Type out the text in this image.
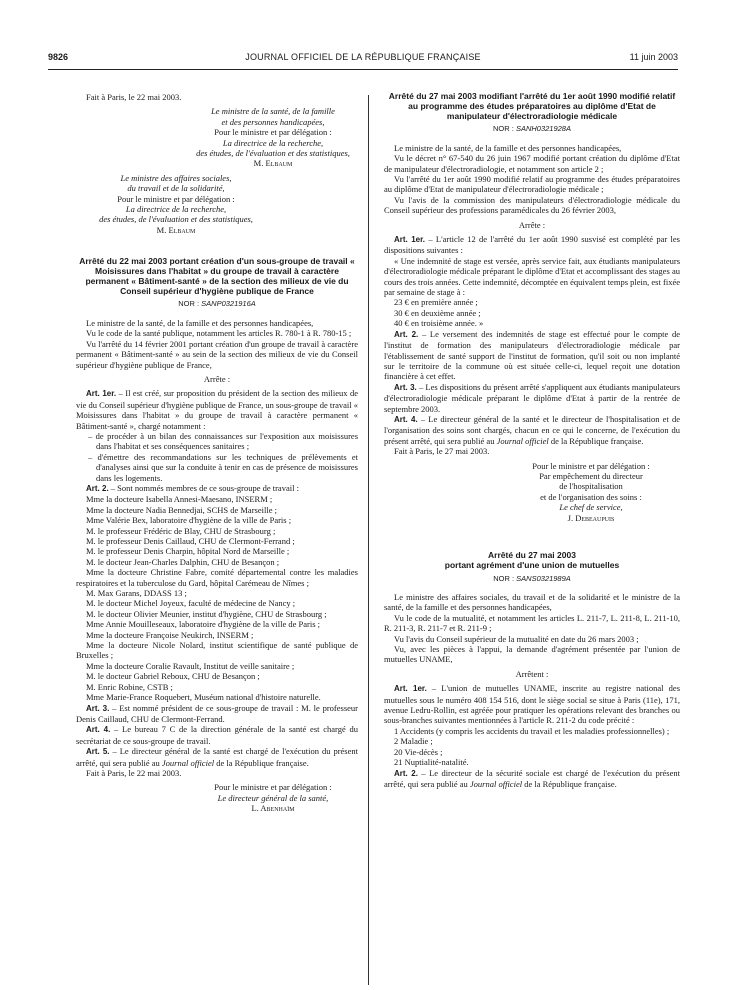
9826	JOURNAL OFFICIEL DE LA RÉPUBLIQUE FRANÇAISE	11 juin 2003

Fait à Paris, le 22 mai 2003.

Le ministre de la santé, de la famille

et des personnes handicapées,

Pour le ministre et par délégation :

La directrice de la recherche,

des études, de l'évaluation et des statistiques,

M. Elbaum

Le ministre des affaires sociales,

du travail et de la solidarité,

Pour le ministre et par délégation :

La directrice de la recherche,

des études, de l'évaluation et des statistiques,

M. Elbaum

Arrêté du 22 mai 2003 portant création d'un sous-groupe de travail « Moisissures dans l'habitat » du groupe de travail à caractère permanent « Bâtiment-santé » de la section des milieux de vie du Conseil supérieur d'hygiène publique de France

NOR : SANP0321916A

Le ministre de la santé, de la famille et des personnes handicapées,

Vu le code de la santé publique, notamment les articles R. 780-1 à R. 780-15 ;

Vu l'arrêté du 14 février 2001 portant création d'un groupe de travail à caractère permanent « Bâtiment-santé » au sein de la section des milieux de vie du Conseil supérieur d'hygiène publique de France,

Arrête :

Art. 1er. – Il est créé, sur proposition du président de la section des milieux de vie du Conseil supérieur d'hygiène publique de France, un sous-groupe de travail « Moisissures dans l'habitat » du groupe de travail à caractère permanent « Bâtiment-santé », chargé notamment :

– de procéder à un bilan des connaissances sur l'exposition aux moisissures dans l'habitat et ses conséquences sanitaires ;

– d'émettre des recommandations sur les techniques de prélèvements et d'analyses ainsi que sur la conduite à tenir en cas de présence de moisissures dans les logements.

Art. 2. – Sont nommés membres de ce sous-groupe de travail :

Mme la docteure Isabella Annesi-Maesano, INSERM ;

Mme la docteure Nadia Bennedjai, SCHS de Marseille ;

Mme Valérie Bex, laboratoire d'hygiène de la ville de Paris ;

M. le professeur Frédéric de Blay, CHU de Strasbourg ;

M. le professeur Denis Caillaud, CHU de Clermont-Ferrand ;

M. le professeur Denis Charpin, hôpital Nord de Marseille ;

M. le docteur Jean-Charles Dalphin, CHU de Besançon ;

Mme la docteure Christine Fabre, comité départemental contre les maladies respiratoires et la tuberculose du Gard, hôpital Carémeau de Nîmes ;

M. Max Garans, DDASS 13 ;

M. le docteur Michel Joyeux, faculté de médecine de Nancy ;

M. le docteur Olivier Meunier, institut d'hygiène, CHU de Strasbourg ;

Mme Annie Mouilleseaux, laboratoire d'hygiène de la ville de Paris ;

Mme la docteure Françoise Neukirch, INSERM ;

Mme la docteure Nicole Nolard, institut scientifique de santé publique de Bruxelles ;

Mme la docteure Coralie Ravault, Institut de veille sanitaire ;

M. le docteur Gabriel Reboux, CHU de Besançon ;

M. Enric Robine, CSTB ;

Mme Marie-France Roquebert, Muséum national d'histoire naturelle.

Art. 3. – Est nommé président de ce sous-groupe de travail : M. le professeur Denis Caillaud, CHU de Clermont-Ferrand.

Art. 4. – Le bureau 7 C de la direction générale de la santé est chargé du secrétariat de ce sous-groupe de travail.

Art. 5. – Le directeur général de la santé est chargé de l'exécution du présent arrêté, qui sera publié au Journal officiel de la République française.

Fait à Paris, le 22 mai 2003.

Pour le ministre et par délégation :

Le directeur général de la santé,

L. Abenhaïm

Arrêté du 27 mai 2003 modifiant l'arrêté du 1er août 1990 modifié relatif au programme des études préparatoires au diplôme d'Etat de manipulateur d'électroradiologie médicale

NOR : SANH0321928A

Le ministre de la santé, de la famille et des personnes handicapées,

Vu le décret n° 67-540 du 26 juin 1967 modifié portant création du diplôme d'Etat de manipulateur d'électroradiologie, et notamment son article 2 ;

Vu l'arrêté du 1er août 1990 modifié relatif au programme des études préparatoires au diplôme d'Etat de manipulateur d'électroradiologie médicale ;

Vu l'avis de la commission des manipulateurs d'électroradiologie médicale du Conseil supérieur des professions paramédicales du 26 février 2003,

Arrête :

Art. 1er. – L'article 12 de l'arrêté du 1er août 1990 susvisé est complété par les dispositions suivantes :

« Une indemnité de stage est versée, après service fait, aux étudiants manipulateurs d'électroradiologie médicale préparant le diplôme d'Etat et accomplissant des stages au cours des trois années. Cette indemnité, décomptée en équivalent temps plein, est fixée par semaine de stage à :

23 € en première année ;

30 € en deuxième année ;

40 € en troisième année. »

Art. 2. – Le versement des indemnités de stage est effectué pour le compte de l'institut de formation des manipulateurs d'électroradiologie médicale par l'établissement de santé support de l'institut de formation, qu'il soit ou non implanté sur le territoire de la commune où est située celle-ci, lequel reçoit une dotation financière à cet effet.

Art. 3. – Les dispositions du présent arrêté s'appliquent aux étudiants manipulateurs d'électroradiologie médicale préparant le diplôme d'Etat à partir de la rentrée de septembre 2003.

Art. 4. – Le directeur général de la santé et le directeur de l'hospitalisation et de l'organisation des soins sont chargés, chacun en ce qui le concerne, de l'exécution du présent arrêté, qui sera publié au Journal officiel de la République française.

Fait à Paris, le 27 mai 2003.

Pour le ministre et par délégation :

Par empêchement du directeur

de l'hospitalisation

et de l'organisation des soins :

Le chef de service,

J. Debeaupuis

Arrêté du 27 mai 2003

portant agrément d'une union de mutuelles

NOR : SANS0321989A

Le ministre des affaires sociales, du travail et de la solidarité et le ministre de la santé, de la famille et des personnes handicapées,

Vu le code de la mutualité, et notamment les articles L. 211-7, L. 211-8, L. 211-10, R. 211-3, R. 211-7 et R. 211-9 ;

Vu l'avis du Conseil supérieur de la mutualité en date du 26 mars 2003 ;

Vu, avec les pièces à l'appui, la demande d'agrément présentée par l'union de mutuelles UNAME,

Arrêtent :

Art. 1er. – L'union de mutuelles UNAME, inscrite au registre national des mutuelles sous le numéro 408 154 516, dont le siège social se situe à Paris (11e), 171, avenue Ledru-Rollin, est agréée pour pratiquer les opérations relevant des branches ou sous-branches suivantes mentionnées à l'article R. 211-2 du code précité :

1 Accidents (y compris les accidents du travail et les maladies professionnelles) ;

2 Maladie ;

20 Vie-décès ;

21 Nuptialité-natalité.

Art. 2. – Le directeur de la sécurité sociale est chargé de l'exécution du présent arrêté, qui sera publié au Journal officiel de la République française.
